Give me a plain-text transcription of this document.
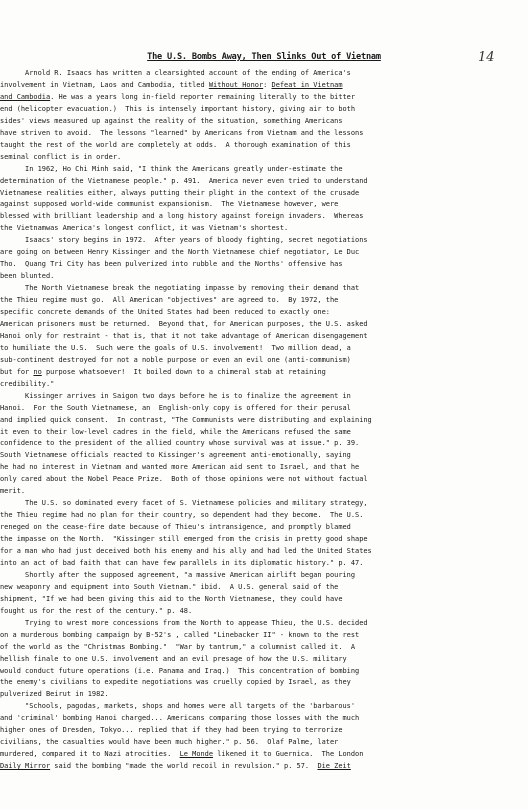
The U.S. Bombs Away, Then Slinks Out of Vietnam	14
Arnold R. Isaacs has written a clearsighted account of the ending of America's
involvement in Vietnam, Laos and Cambodia, titled Without Honor: Defeat in Vietnam
and Cambodia. He was a years long in-field reporter remaining literally to the bitter
end (helicopter evacuation.)  This is intensely important history, giving air to both
sides' views measured up against the reality of the situation, something Americans
have striven to avoid.  The lessons "learned" by Americans from Vietnam and the lessons
taught the rest of the world are completely at odds.  A thorough examination of this
seminal conflict is in order.
In 1962, Ho Chi Minh said, "I think the Americans greatly under-estimate the
determination of the Vietnamese people." p. 491.  America never even tried to understand
Vietnamese realities either, always putting their plight in the context of the crusade
against supposed world-wide communist expansionism.  The Vietnamese however, were
blessed with brilliant leadership and a long history against foreign invaders.  Whereas
the Vietnamwas America's longest conflict, it was Vietnam's shortest.
Isaacs' story begins in 1972.  After years of bloody fighting, secret negotiations
are going on between Henry Kissinger and the North Vietnamese chief negotiator, Le Duc
Tho.  Quang Tri City has been pulverized into rubble and the Norths' offensive has
been blunted.
The North Vietnamese break the negotiating impasse by removing their demand that
the Thieu regime must go.  All American "objectives" are agreed to.  By 1972, the
specific concrete demands of the United States had been reduced to exactly one:
American prisoners must be returned.  Beyond that, for American purposes, the U.S. asked
Hanoi only for restraint - that is, that it not take advantage of American disengagement
to humiliate the U.S.  Such were the goals of U.S. involvement!  Two million dead, a
sub-continent destroyed for not a noble purpose or even an evil one (anti-communism)
but for no purpose whatsoever!  It boiled down to a chimeral stab at retaining
credibility."
Kissinger arrives in Saigon two days before he is to finalize the agreement in
Hanoi.  For the South Vietnamese, an  English-only copy is offered for their perusal
and implied quick consent.  In contrast, "The Communists were distributing and explaining
it even to their low-level cadres in the field, while the Americans refused the same
confidence to the president of the allied country whose survival was at issue." p. 39.
South Vietnamese officials reacted to Kissinger's agreement anti-emotionally, saying
he had no interest in Vietnam and wanted more American aid sent to Israel, and that he
only cared about the Nobel Peace Prize.  Both of those opinions were not without factual
merit.
The U.S. so dominated every facet of S. Vietnamese policies and military strategy,
the Thieu regime had no plan for their country, so dependent had they become.  The U.S.
reneged on the cease-fire date because of Thieu's intransigence, and promptly blamed
the impasse on the North.  "Kissinger still emerged from the crisis in pretty good shape
for a man who had just deceived both his enemy and his ally and had led the United States
into an act of bad faith that can have few parallels in its diplomatic history." p. 47.
Shortly after the supposed agreement, "a massive American airlift began pouring
new weaponry and equipment into South Vietnam." ibid.  A U.S. general said of the
shipment, "If we had been giving this aid to the North Vietnamese, they could have
fought us for the rest of the century." p. 48.
Trying to wrest more concessions from the North to appease Thieu, the U.S. decided
on a murderous bombing campaign by B-52's , called "Linebacker II" - known to the rest
of the world as the "Christmas Bombing."  "War by tantrum," a columnist called it.  A
hellish finale to one U.S. involvement and an evil presage of how the U.S. military
would conduct future operations (i.e. Panama and Iraq.)  This concentration of bombing
the enemy's civilians to expedite negotiations was cruelly copied by Israel, as they
pulverized Beirut in 1982.
"Schools, pagodas, markets, shops and homes were all targets of the 'barbarous'
and 'criminal' bombing Hanoi charged... Americans comparing those losses with the much
higher ones of Dresden, Tokyo... replied that if they had been trying to terrorize
civilians, the casualties would have been much higher." p. 56.  Olaf Palme, later
murdered, compared it to Nazi atrocities.  Le Monde likened it to Guernica.  The London
Daily Mirror said the bombing "made the world recoil in revulsion." p. 57.  Die Zeit
